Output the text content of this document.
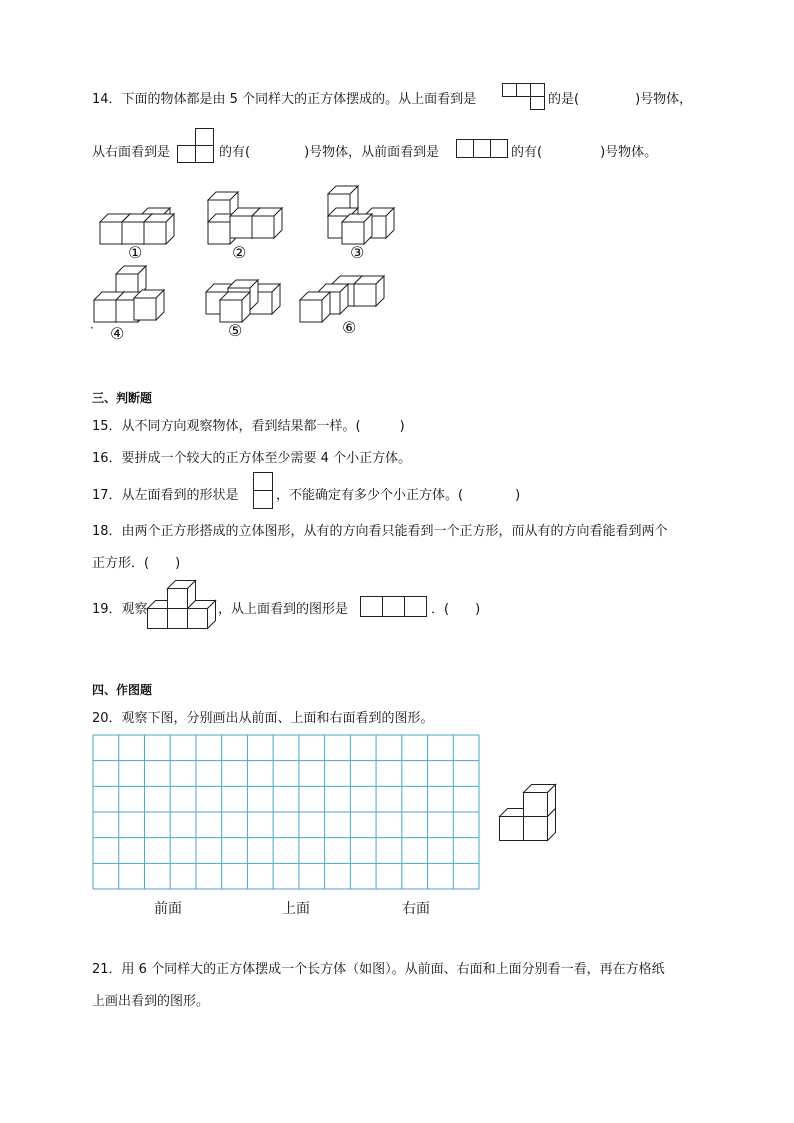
14．下面的物体都是由 5 个同样大的正方体摆成的。从上面看到是	的是(	)号物体，
从右面看到是	的有(	)号物体，从前面看到是	的有(	)号物体。
①	②	③
· ④	⑤	⑥
三、判断题
15．从不同方向观察物体，看到结果都一样。(　　　)
16．要拼成一个较大的正方体至少需要 4 个小正方体。
17．从左面看到的形状是	，不能确定有多少个小正方体。(　　　　)
18．由两个正方形搭成的立体图形，从有的方向看只能看到一个正方形，而从有的方向看能看到两个
正方形．(　　)
19．观察	，从上面看到的图形是	．(　　)
四、作图题
20．观察下图，分别画出从前面、上面和右面看到的图形。
前面	上面	右面
21．用 6 个同样大的正方体摆成一个长方体（如图）。从前面、右面和上面分别看一看，再在方格纸
上画出看到的图形。
